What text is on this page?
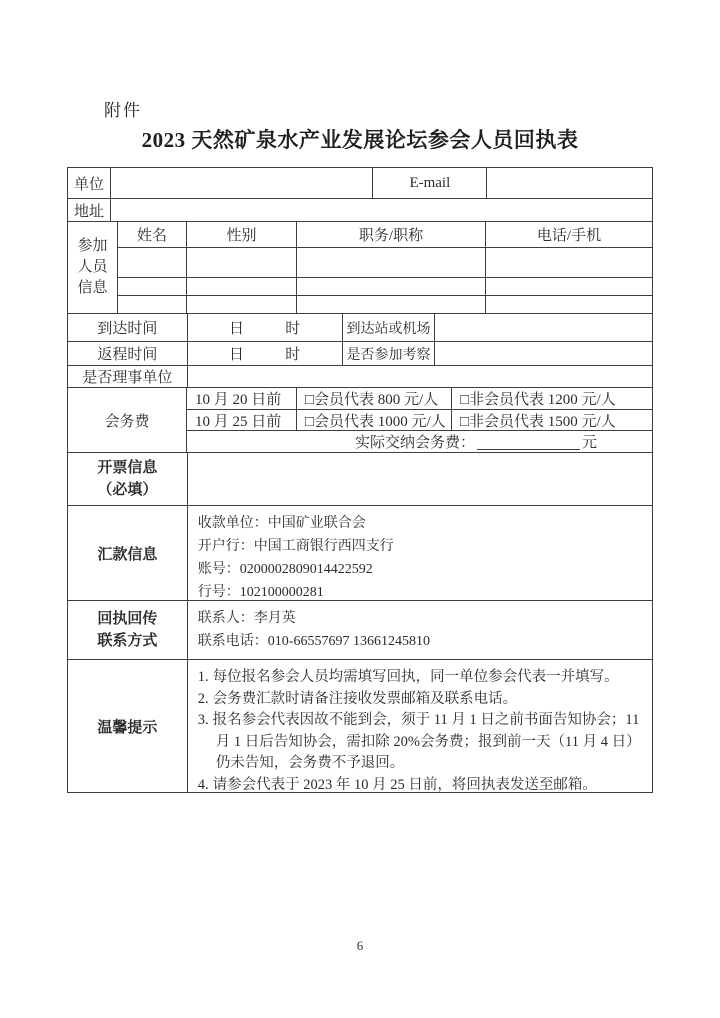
附件
2023 天然矿泉水产业发展论坛参会人员回执表
单位	E-mail
地址
参加
人员
信息
姓名	性别	职务/职称	电话/手机
到达时间	日	时	到达站或机场
返程时间	日	时	是否参加考察
是否理事单位
会务费
10 月 20 日前	□会员代表 800 元/人	□非会员代表 1200 元/人
10 月 25 日前	□会员代表 1000 元/人 □非会员代表 1500 元/人
实际交纳会务费：	元
开票信息
（必填）
汇款信息
收款单位：中国矿业联合会
开户行：中国工商银行西四支行
账号：0200002809014422592
行号：102100000281
回执回传
联系方式
联系人：李月英
联系电话：010-66557697 13661245810
温馨提示
1. 每位报名参会人员均需填写回执，同一单位参会代表一并填写。
2. 会务费汇款时请备注接收发票邮箱及联系电话。
3. 报名参会代表因故不能到会，须于 11 月 1 日之前书面告知协会；11 月 1 日后告知协会，需扣除 20%会务费；报到前一天（11 月 4 日）仍未告知，会务费不予退回。
4. 请参会代表于 2023 年 10 月 25 日前，将回执表发送至邮箱。
6
